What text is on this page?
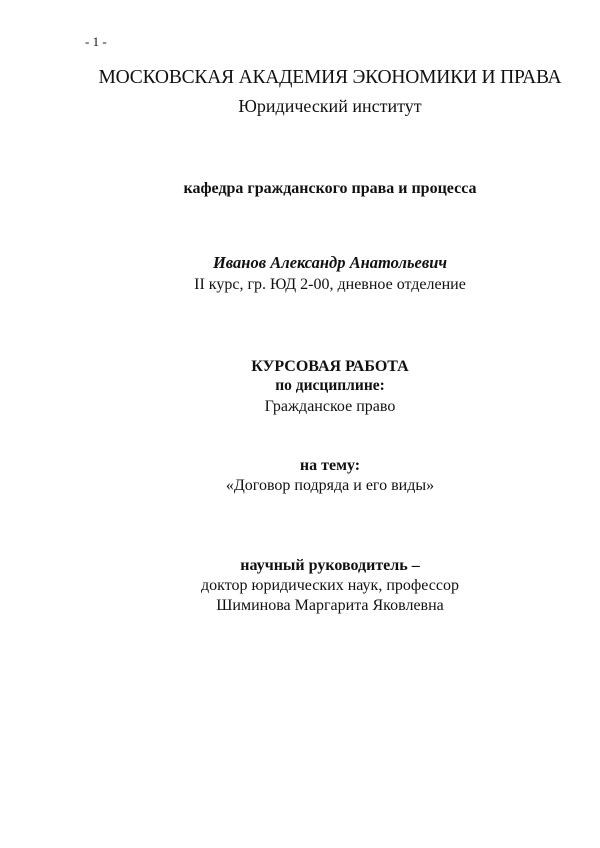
- 1 -
МОСКОВСКАЯ АКАДЕМИЯ ЭКОНОМИКИ И ПРАВА
Юридический институт
кафедра гражданского права и процесса
Иванов Александр Анатольевич
II курс, гр. ЮД 2-00, дневное отделение
КУРСОВАЯ РАБОТА
по дисциплине:
Гражданское право
на тему:
«Договор подряда и его виды»
научный руководитель –
доктор юридических наук, профессор
Шиминова Маргарита Яковлевна
